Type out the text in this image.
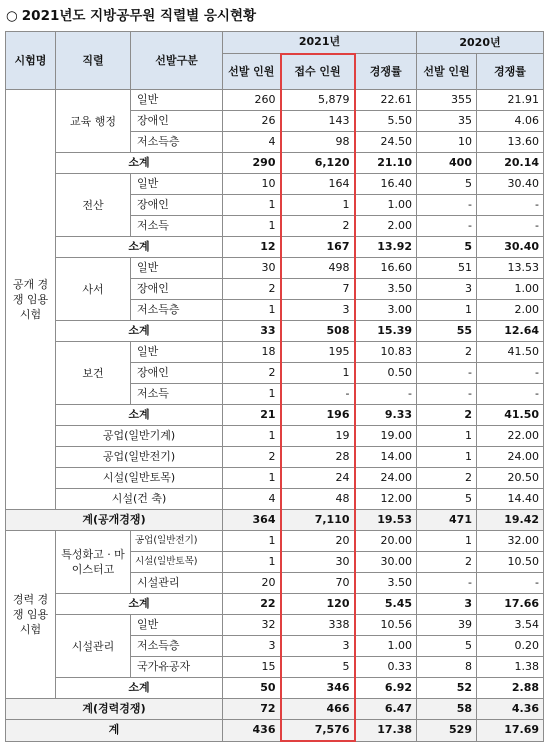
○ 2021년도 지방공무원 직렬별 응시현황
시험명	직렬	선발구분	2021년			2020년	
			선발 인원	접수 인원	경쟁률	선발 인원	경쟁률
공개 경쟁 임용 시험	교육 행정	일반	260	5,879	22.61	355	21.91
		장애인	26	143	5.50	35	4.06
		저소득층	4	98	24.50	10	13.60
	소계		290	6,120	21.10	400	20.14
	전산	일반	10	164	16.40	5	30.40
		장애인	1	1	1.00	-	-
		저소득	1	2	2.00	-	-
	소계		12	167	13.92	5	30.40
	사서	일반	30	498	16.60	51	13.53
		장애인	2	7	3.50	3	1.00
		저소득층	1	3	3.00	1	2.00
	소계		33	508	15.39	55	12.64
	보건	일반	18	195	10.83	2	41.50
		장애인	2	1	0.50	-	-
		저소득	1	-	-	-	-
	소계		21	196	9.33	2	41.50
	공업(일반기계)		1	19	19.00	1	22.00
	공업(일반전기)		2	28	14.00	1	24.00
	시설(일반토목)		1	24	24.00	2	20.50
	시설(건 축)		4	48	12.00	5	14.40
계(공개경쟁)			364	7,110	19.53	471	19.42
경력 경쟁 임용 시험	특성화고 · 마이스터고	공업(일반전기)	1	20	20.00	1	32.00
		시설(일반토목)	1	30	30.00	2	10.50
		시설관리	20	70	3.50	-	-
	소계		22	120	5.45	3	17.66
	시설관리	일반	32	338	10.56	39	3.54
		저소득층	3	3	1.00	5	0.20
		국가유공자	15	5	0.33	8	1.38
	소계		50	346	6.92	52	2.88
계(경력경쟁)			72	466	6.47	58	4.36
계			436	7,576	17.38	529	17.69
